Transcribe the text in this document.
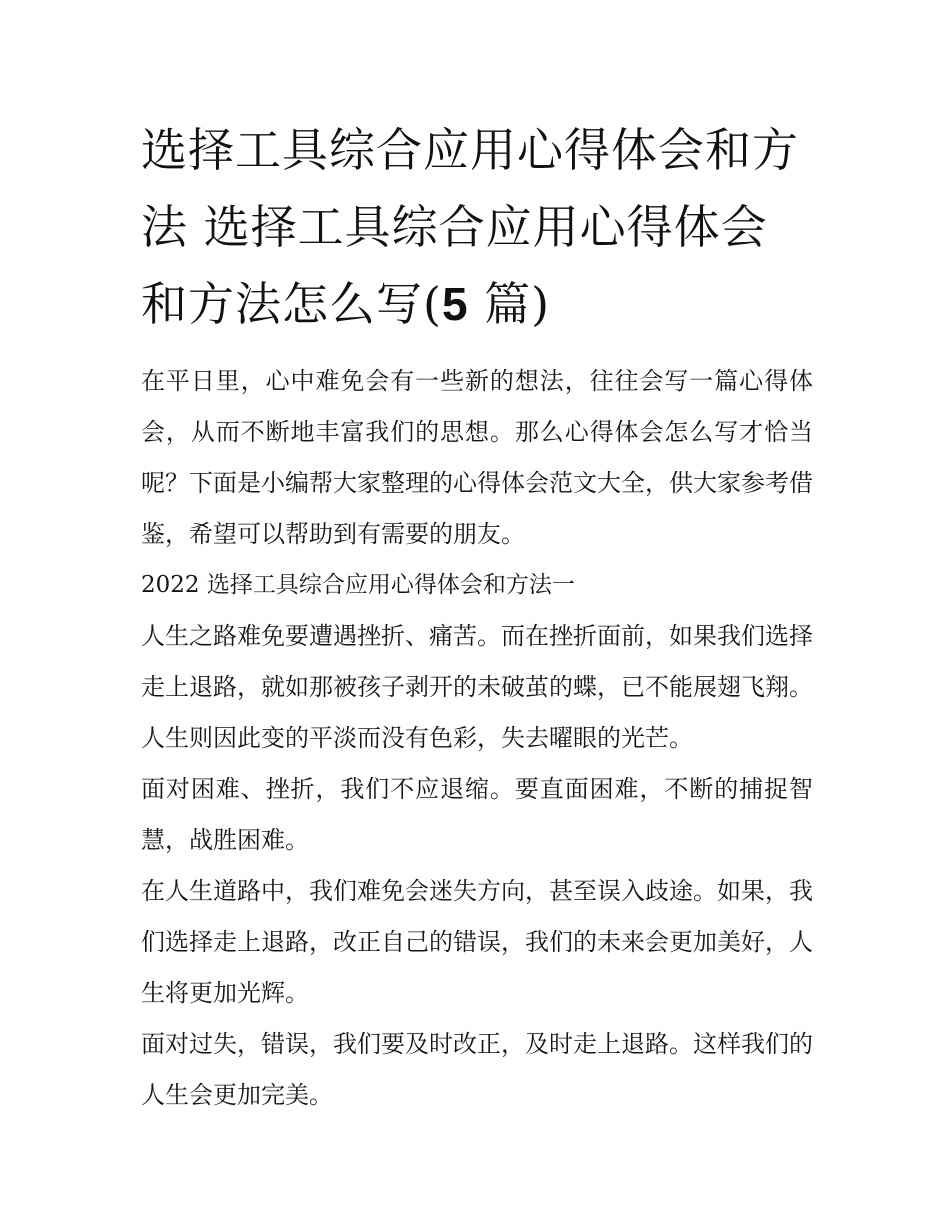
选择工具综合应用心得体会和方法 选择工具综合应用心得体会和方法怎么写(5 篇)

在平日里，心中难免会有一些新的想法，往往会写一篇心得体会，从而不断地丰富我们的思想。那么心得体会怎么写才恰当呢？下面是小编帮大家整理的心得体会范文大全，供大家参考借鉴，希望可以帮助到有需要的朋友。

2022 选择工具综合应用心得体会和方法一

人生之路难免要遭遇挫折、痛苦。而在挫折面前，如果我们选择走上退路，就如那被孩子剥开的未破茧的蝶，已不能展翅飞翔。人生则因此变的平淡而没有色彩，失去曜眼的光芒。

面对困难、挫折，我们不应退缩。要直面困难，不断的捕捉智慧，战胜困难。

在人生道路中，我们难免会迷失方向，甚至误入歧途。如果，我们选择走上退路，改正自己的错误，我们的未来会更加美好，人生将更加光辉。

面对过失，错误，我们要及时改正，及时走上退路。这样我们的人生会更加完美。
